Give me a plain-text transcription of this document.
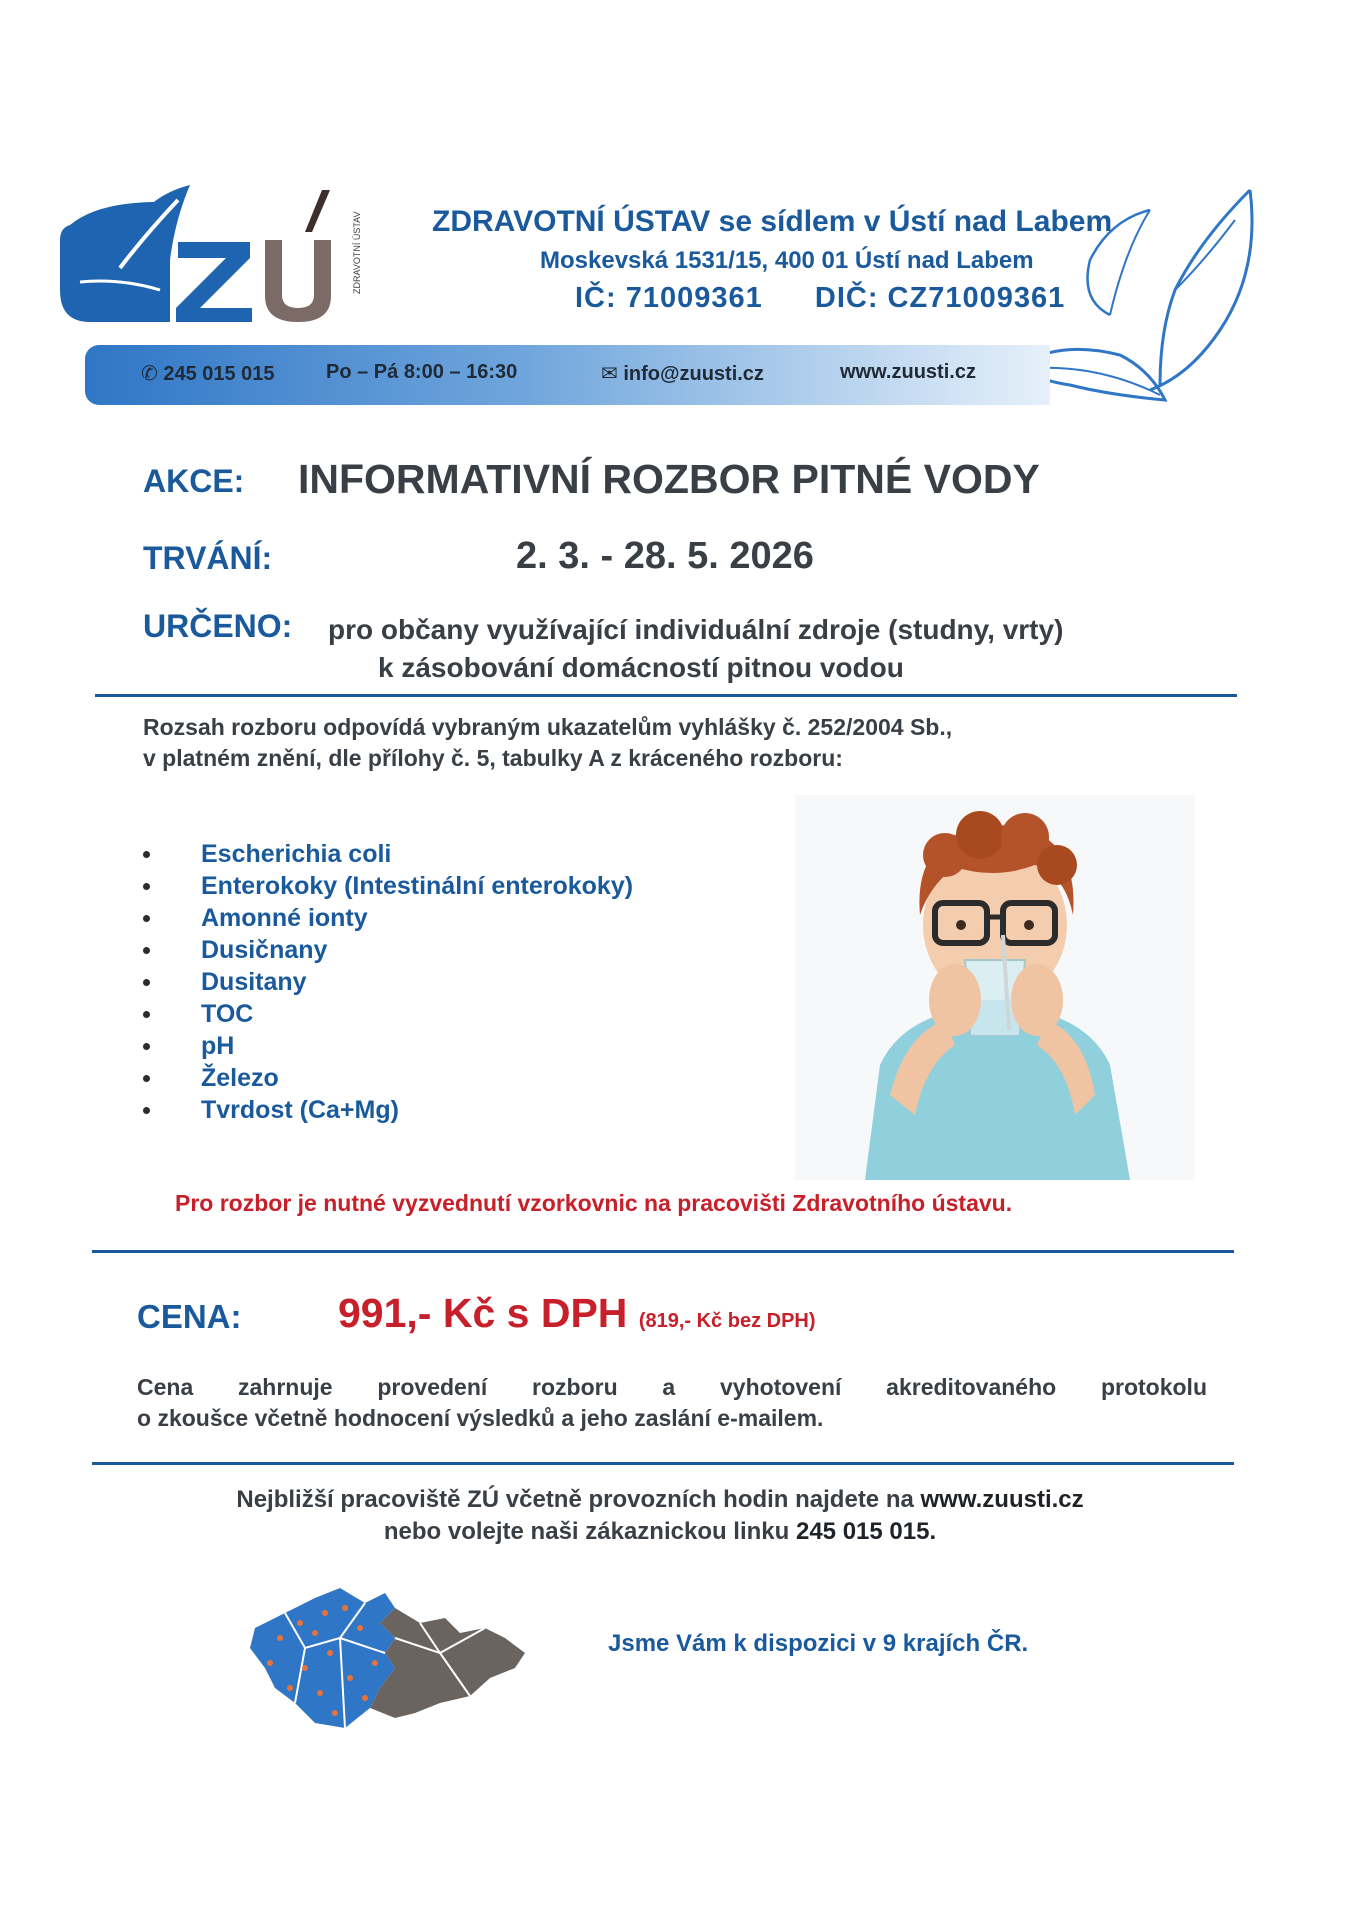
ZDRAVOTNÍ ÚSTAV	ZDRAVOTNÍ ÚSTAV se sídlem v Ústí nad Labem
Moskevská 1531/15, 400 01 Ústí nad Labem
IČ: 71009361 DIČ: CZ71009361
✆ 245 015 015	Po – Pá 8:00 – 16:30	✉ info@zuusti.cz	www.zuusti.cz
AKCE: INFORMATIVNÍ ROZBOR PITNÉ VODY
TRVÁNÍ:	2. 3. - 28. 5. 2026
URČENO: pro občany využívající individuální zdroje (studny, vrty)
k zásobování domácností pitnou vodou
Rozsah rozboru odpovídá vybraným ukazatelům vyhlášky č. 252/2004 Sb.,
v platném znění, dle přílohy č. 5, tabulky A z kráceného rozboru:
Escherichia coli
Enterokoky (Intestinální enterokoky)
Amonné ionty
Dusičnany
Dusitany
TOC
pH
Železo
Tvrdost (Ca+Mg)
Pro rozbor je nutné vyzvednutí vzorkovnic na pracovišti Zdravotního ústavu.
CENA: 991,- Kč s DPH (819,- Kč bez DPH)
Cena zahrnuje provedení rozboru a vyhotovení akreditovaného protokolu
o zkoušce včetně hodnocení výsledků a jeho zaslání e-mailem.
Nejbližší pracoviště ZÚ včetně provozních hodin najdete na www.zuusti.cz
nebo volejte naši zákaznickou linku 245 015 015.
Jsme Vám k dispozici v 9 krajích ČR.
